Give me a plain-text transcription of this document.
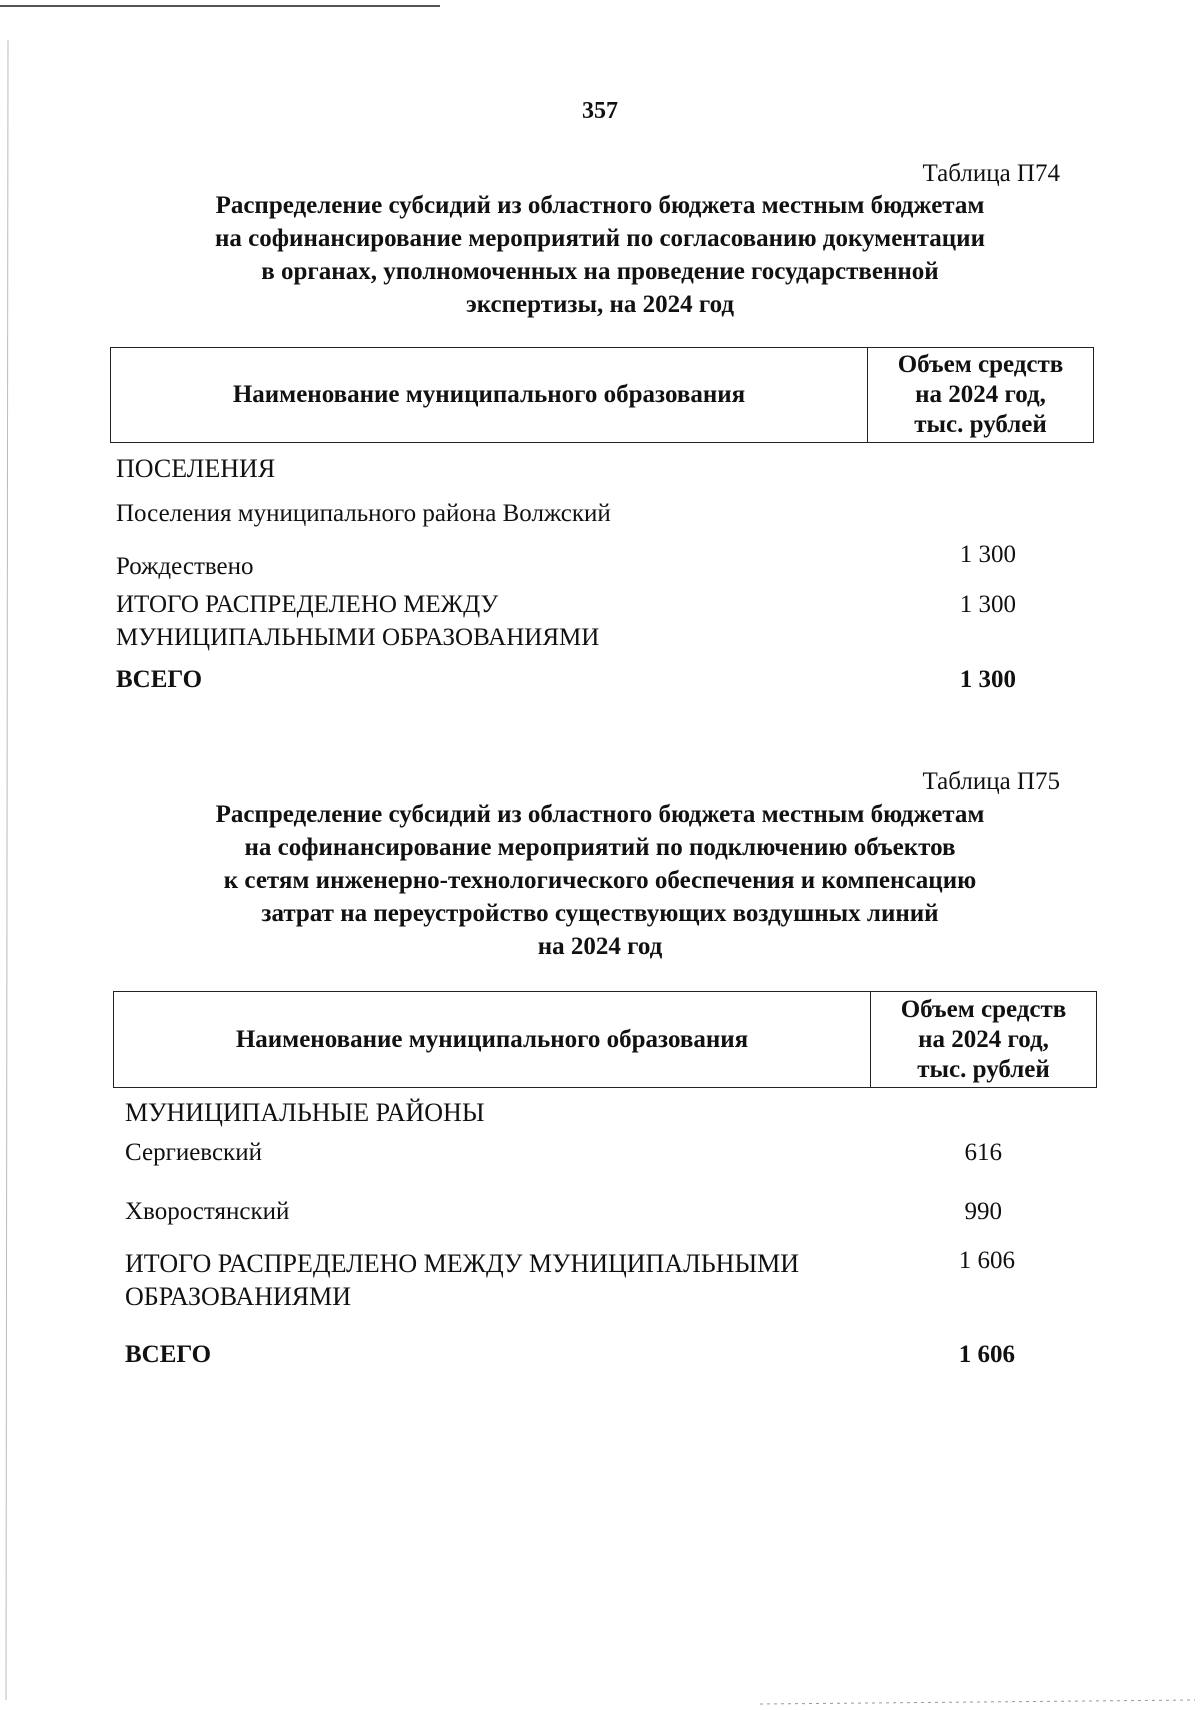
357
Таблица П74
Распределение субсидий из областного бюджета местным бюджетам
на софинансирование мероприятий по согласованию документации
в органах, уполномоченных на проведение государственной
экспертизы, на 2024 год
Наименование муниципального образования
Объем средств
на 2024 год,
тыс. рублей
ПОСЕЛЕНИЯ
Поселения муниципального района Волжский
Рождествено	1 300
ИТОГО РАСПРЕДЕЛЕНО МЕЖДУ
МУНИЦИПАЛЬНЫМИ ОБРАЗОВАНИЯМИ
1 300
ВСЕГО	1 300
Таблица П75
Распределение субсидий из областного бюджета местным бюджетам
на софинансирование мероприятий по подключению объектов
к сетям инженерно-технологического обеспечения и компенсацию
затрат на переустройство существующих воздушных линий
на 2024 год
Наименование муниципального образования
Объем средств
на 2024 год,
тыс. рублей
МУНИЦИПАЛЬНЫЕ РАЙОНЫ
Сергиевский	616
Хворостянский	990
ИТОГО РАСПРЕДЕЛЕНО МЕЖДУ МУНИЦИПАЛЬНЫМИ
ОБРАЗОВАНИЯМИ
1 606
ВСЕГО	1 606
